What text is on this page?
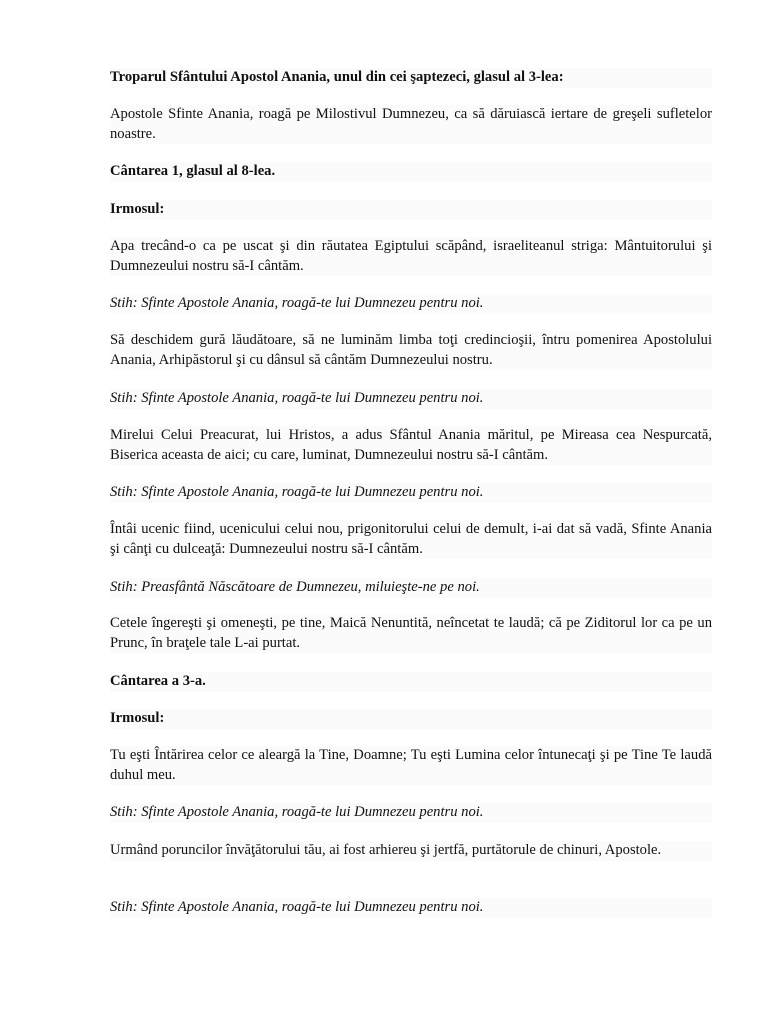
Troparul Sfântului Apostol Anania, unul din cei şaptezeci, glasul al 3-lea:
Apostole Sfinte Anania, roagă pe Milostivul Dumnezeu, ca să dăruiască iertare de greşeli sufletelor noastre.
Cântarea 1, glasul al 8-lea.
Irmosul:
Apa trecând-o ca pe uscat şi din răutatea Egiptului scăpând, israeliteanul striga: Mântuitorului şi Dumnezeului nostru să-I cântăm.
Stih: Sfinte Apostole Anania, roagă-te lui Dumnezeu pentru noi.
Să deschidem gură lăudătoare, să ne luminăm limba toţi credincioşii, întru pomenirea Apostolului Anania, Arhipăstorul şi cu dânsul să cântăm Dumnezeului nostru.
Stih: Sfinte Apostole Anania, roagă-te lui Dumnezeu pentru noi.
Mirelui Celui Preacurat, lui Hristos, a adus Sfântul Anania măritul, pe Mireasa cea Nespurcată, Biserica aceasta de aici; cu care, luminat, Dumnezeului nostru să-I cântăm.
Stih: Sfinte Apostole Anania, roagă-te lui Dumnezeu pentru noi.
Întâi ucenic fiind, ucenicului celui nou, prigonitorului celui de demult, i-ai dat să vadă, Sfinte Anania şi cânţi cu dulceaţă: Dumnezeului nostru să-I cântăm.
Stih: Preasfântă Născătoare de Dumnezeu, miluieşte-ne pe noi.
Cetele îngereşti şi omeneşti, pe tine, Maică Nenuntită, neîncetat te laudă; că pe Ziditorul lor ca pe un Prunc, în braţele tale L-ai purtat.
Cântarea a 3-a.
Irmosul:
Tu eşti Întărirea celor ce aleargă la Tine, Doamne; Tu eşti Lumina celor întunecaţi şi pe Tine Te laudă duhul meu.
Stih: Sfinte Apostole Anania, roagă-te lui Dumnezeu pentru noi.
Urmând poruncilor învăţătorului tău, ai fost arhiereu şi jertfă, purtătorule de chinuri, Apostole.
Stih: Sfinte Apostole Anania, roagă-te lui Dumnezeu pentru noi.
